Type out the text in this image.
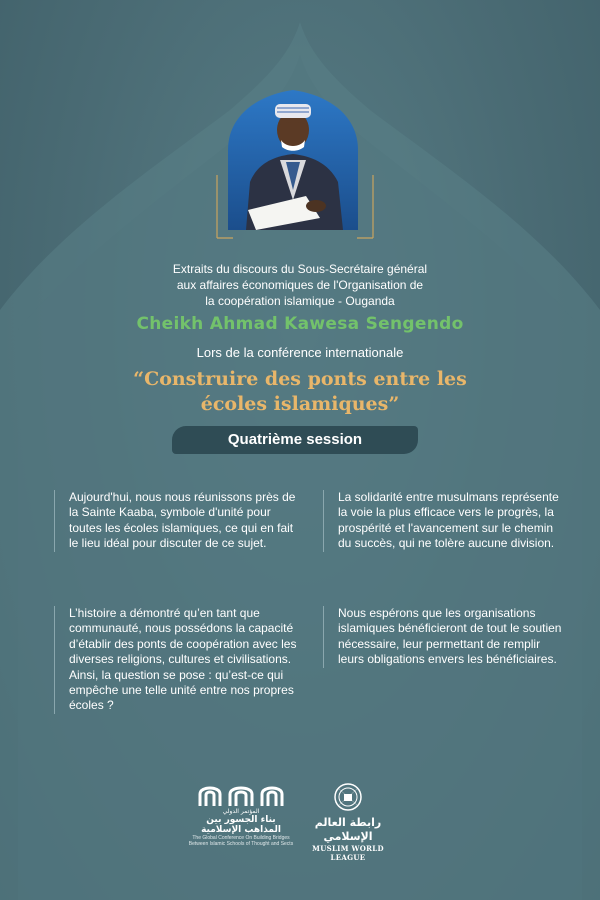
Extraits du discours du Sous-Secrétaire général
aux affaires économiques de l'Organisation de
la coopération islamique - Ouganda
Cheikh Ahmad Kawesa Sengendo
Lors de la conférence internationale
“Construire des ponts entre les
écoles islamiques”
Quatrième session
Aujourd'hui, nous nous réunissons près de la Sainte Kaaba, symbole d'unité pour toutes les écoles islamiques, ce qui en fait le lieu idéal pour discuter de ce sujet.
La solidarité entre musulmans représente la voie la plus efficace vers le progrès, la prospérité et l'avancement sur le chemin du succès, qui ne tolère aucune division.
L’histoire a démontré qu’en tant que communauté, nous possédons la capacité d’établir des ponts de coopération avec les diverses religions, cultures et civilisations. Ainsi, la question se pose : qu’est-ce qui empêche une telle unité entre nos propres écoles ?
Nous espérons que les organisations islamiques bénéficieront de tout le soutien nécessaire, leur permettant de remplir leurs obligations envers les bénéficiaires.
المؤتمر الدولي
بناء الجسور بين
المذاهب الإسلامية
The Global Conference On Building Bridges Between Islamic Schools of Thought and Sects
رابطة العالم الإسلامي
MUSLIM WORLD LEAGUE
